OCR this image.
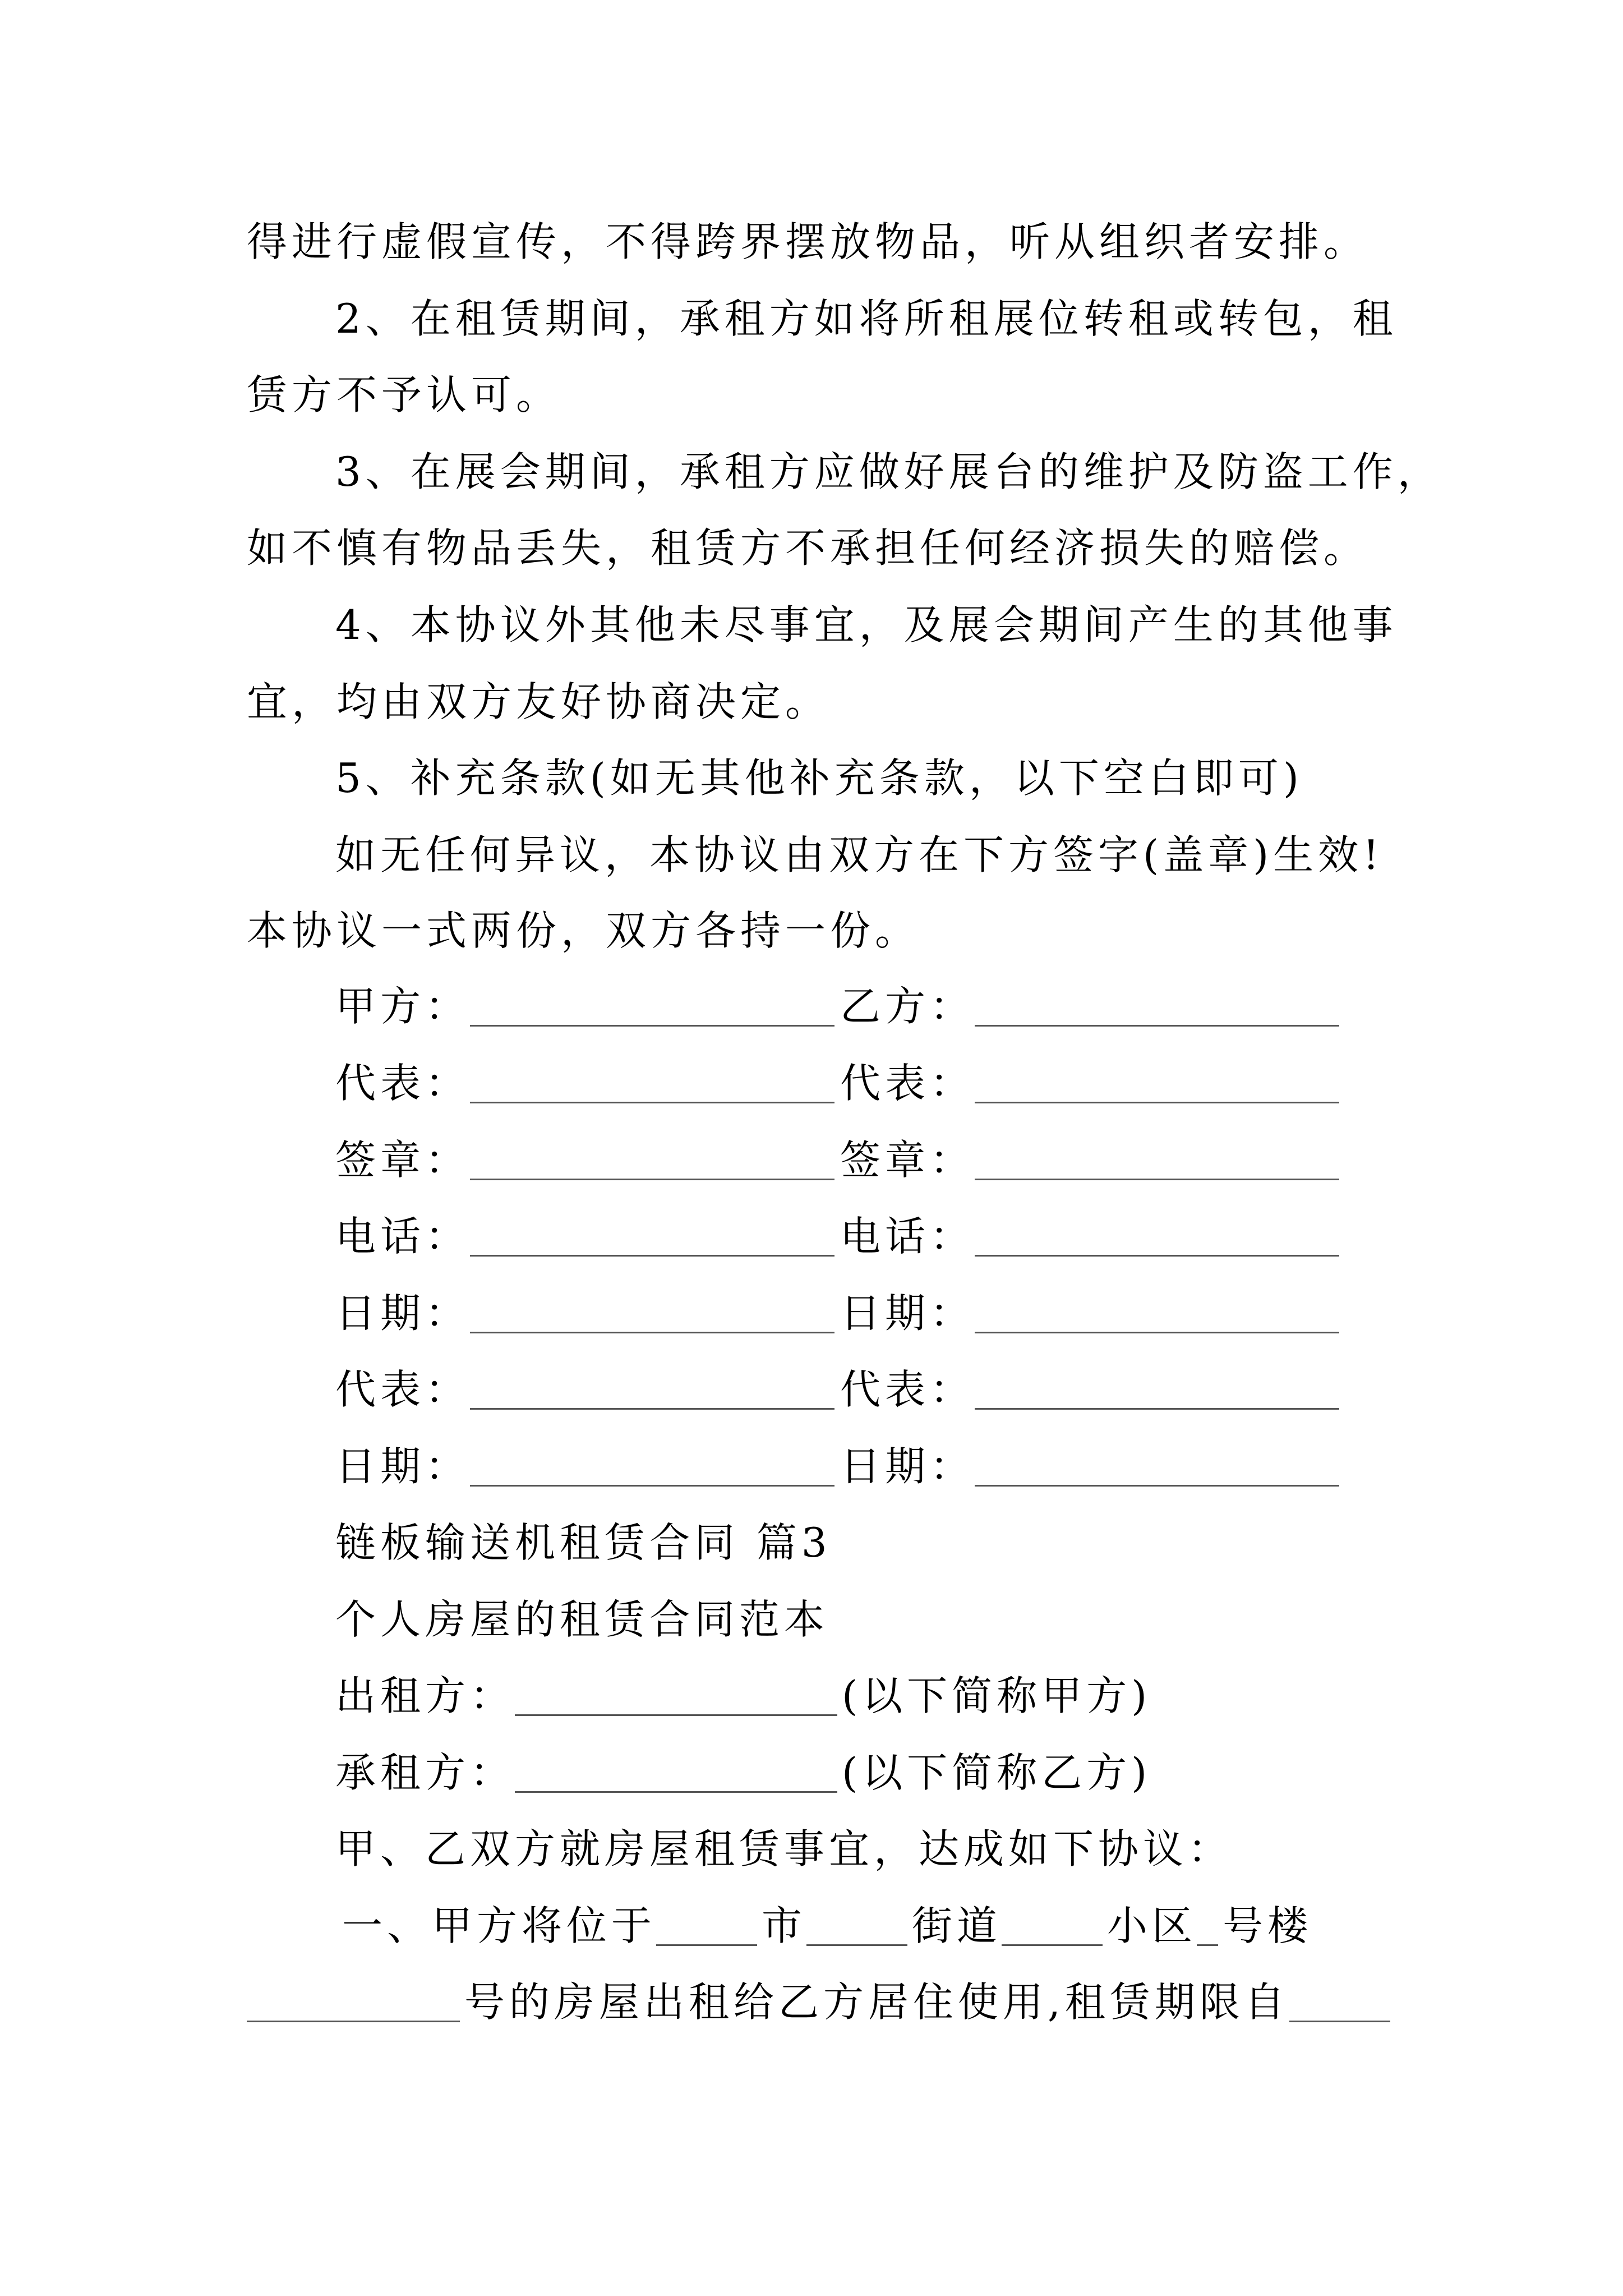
得进行虚假宣传，不得跨界摆放物品，听从组织者安排。
2、在租赁期间，承租方如将所租展位转租或转包，租
赁方不予认可。
3、在展会期间，承租方应做好展台的维护及防盗工作，
如不慎有物品丢失，租赁方不承担任何经济损失的赔偿。
4、本协议外其他未尽事宜，及展会期间产生的其他事
宜，均由双方友好协商决定。
5、补充条款(如无其他补充条款，以下空白即可)
如无任何异议，本协议由双方在下方签字(盖章)生效!
本协议一式两份，双方各持一份。
甲方：	乙方：
代表：	代表：
签章：	签章：
电话：	电话：
日期：	日期：
代表：	代表：
日期：	日期：
链板输送机租赁合同 篇3
个人房屋的租赁合同范本
出租方：	(以下简称甲方)
承租方：	(以下简称乙方)
甲、乙双方就房屋租赁事宜，达成如下协议：
一、甲方将位于	市	街道	小区 号楼
号的房屋出租给乙方居住使用,租赁期限自
